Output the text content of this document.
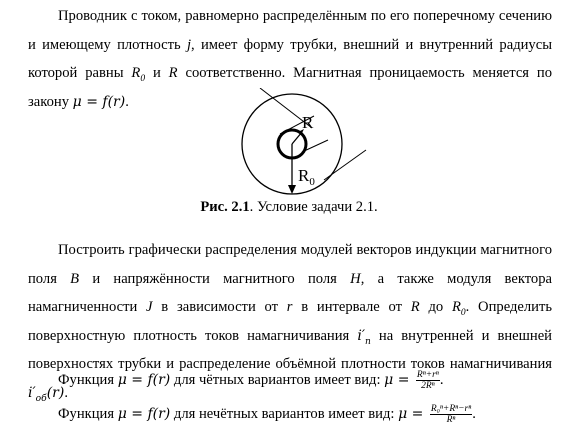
Проводник с током, равномерно распределённым по его поперечному сечению и имеющему плотность j, имеет форму трубки, внешний и внутренний радиусы которой равны $R_0$ и R соответственно. Магнитная проницаемость меняется по закону μ = f(r).

R
$R_0$
Рис. 2.1. Условие задачи 2.1.

Построить графически распределения модулей векторов индукции магнитного поля B и напряжённости магнитного поля H, а также модуля вектора намагниченности J в зависимости от r в интервале от R до $R_0$. Определить поверхностную плотность токов намагничивания $i'_п$ на внутренней и внешней поверхностях трубки и распределение объёмной плотности токов намагничивания $i'_{об}(r)$.

Функция μ = f(r) для чётных вариантов имеет вид: $\mu = \frac{\text{Rⁿ+rⁿ}}{\text{2Rⁿ}}$ .
Функция μ = f(r) для нечётных вариантов имеет вид: $\mu = \frac{\text{R₀ⁿ+Rⁿ−rⁿ}}{\text{Rⁿ}}$ .
